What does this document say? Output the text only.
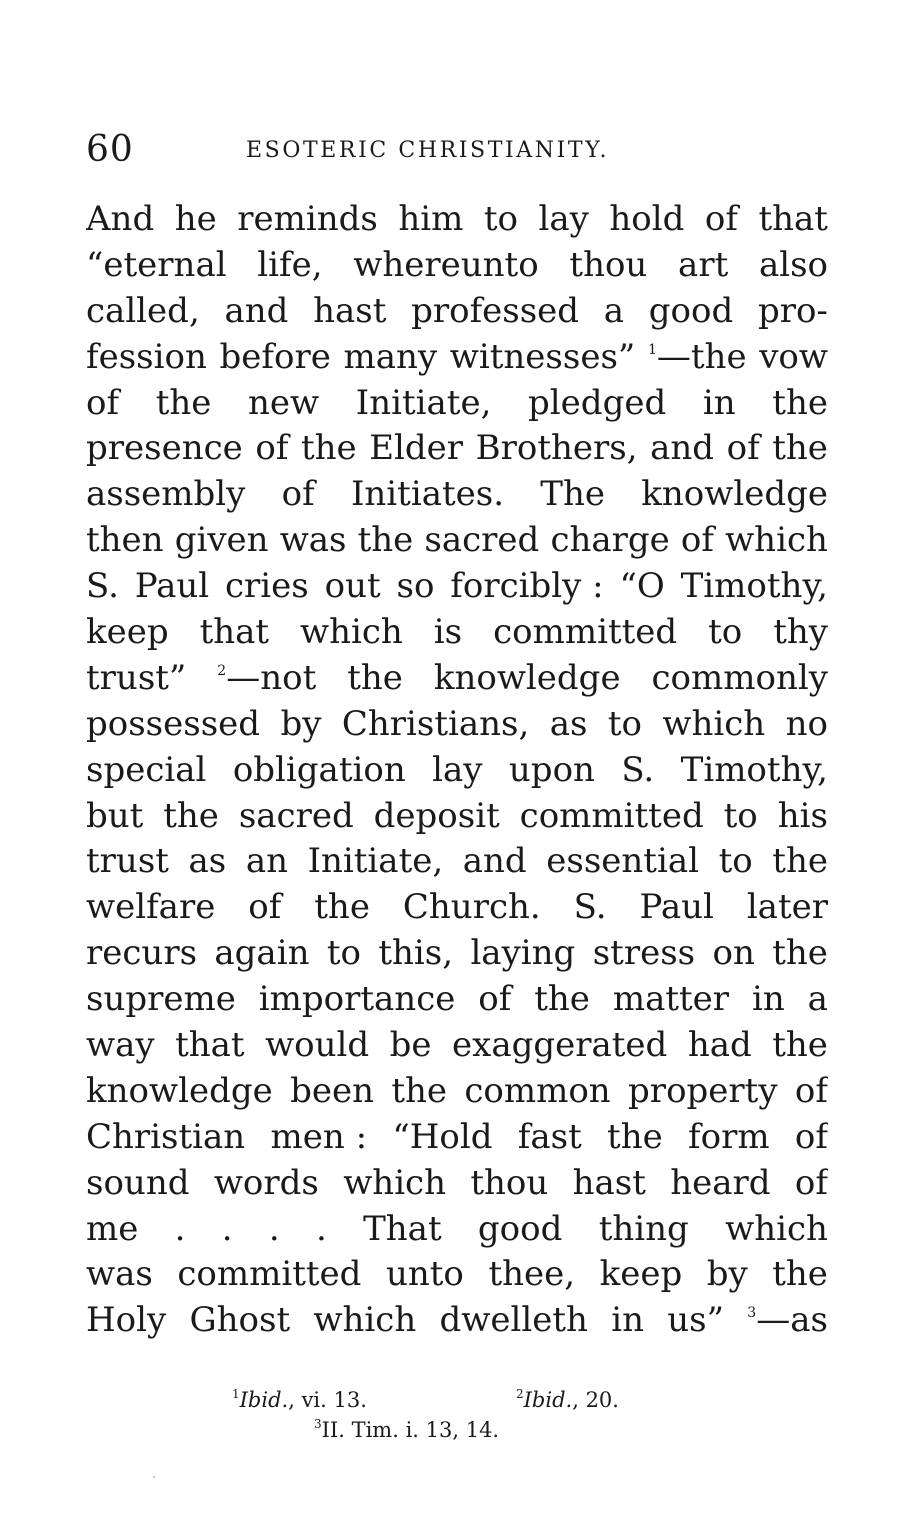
60	ESOTERIC CHRISTIANITY.
And he reminds him to lay hold of that
“eternal life, whereunto thou art also
called, and hast professed a good pro-
fession before many witnesses” $^1$—the vow
of the new Initiate, pledged in the
presence of the Elder Brothers, and of the
assembly of Initiates. The knowledge
then given was the sacred charge of which
S. Paul cries out so forcibly : “O Timothy,
keep that which is committed to thy
trust” $^2$—not the knowledge commonly
possessed by Christians, as to which no
special obligation lay upon S. Timothy,
but the sacred deposit committed to his
trust as an Initiate, and essential to the
welfare of the Church. S. Paul later
recurs again to this, laying stress on the
supreme importance of the matter in a
way that would be exaggerated had the
knowledge been the common property of
Christian men : “Hold fast the form of
sound words which thou hast heard of
me . . . . That good thing which
was committed unto thee, keep by the
Holy Ghost which dwelleth in us” $^3$—as
$^1$Ibid., vi. 13.	$^2$Ibid., 20.
$^3$II. Tim. i. 13, 14.
